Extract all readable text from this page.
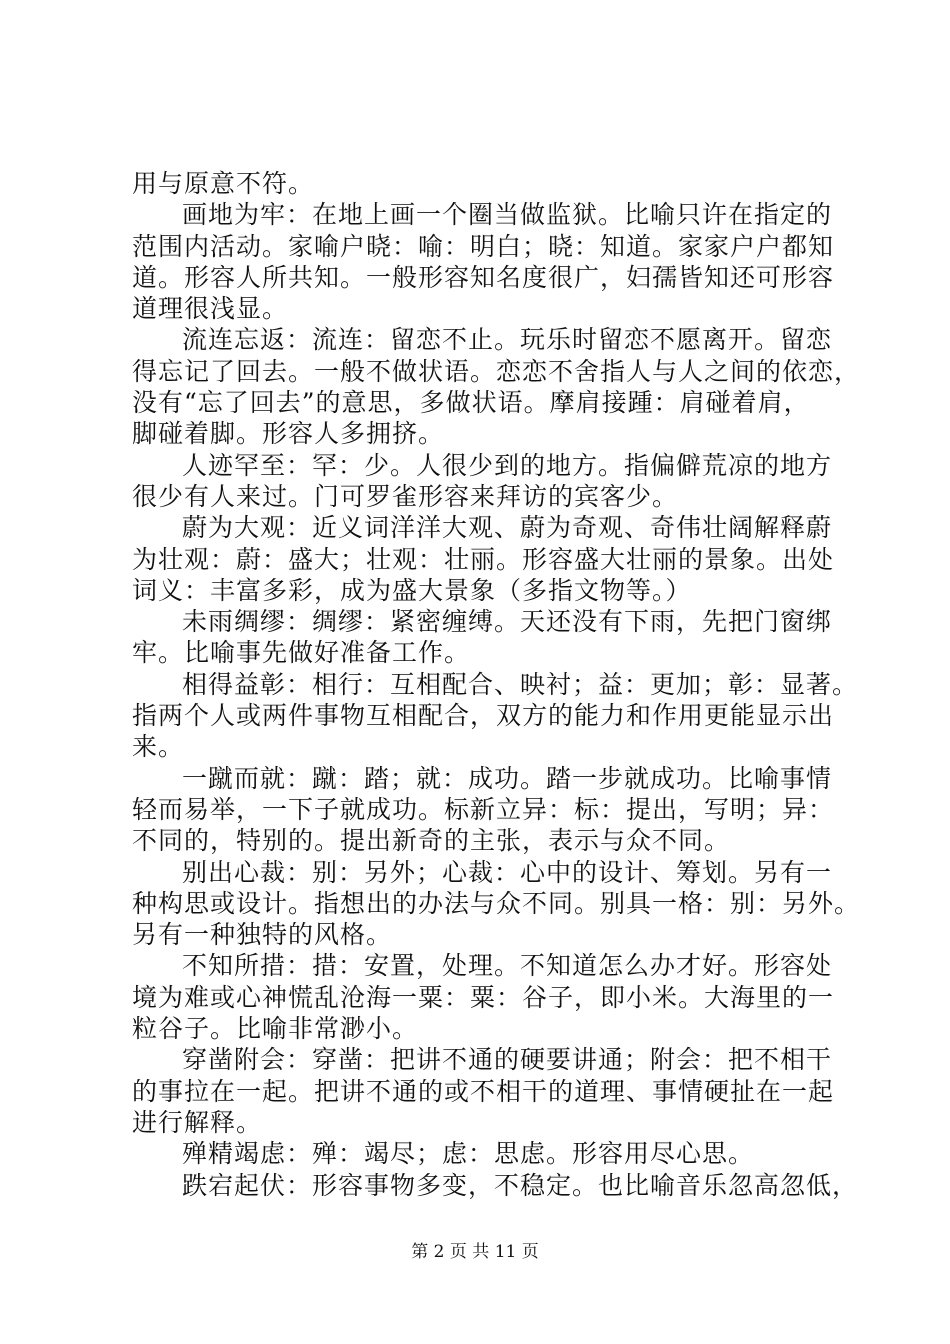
用与原意不符。
画地为牢：在地上画一个圈当做监狱。比喻只许在指定的
范围内活动。家喻户晓：喻：明白；晓：知道。家家户户都知
道。形容人所共知。一般形容知名度很广，妇孺皆知还可形容
道理很浅显。
流连忘返：流连：留恋不止。玩乐时留恋不愿离开。留恋
得忘记了回去。一般不做状语。恋恋不舍指人与人之间的依恋，
没有“忘了回去”的意思，多做状语。摩肩接踵：肩碰着肩，
脚碰着脚。形容人多拥挤。
人迹罕至：罕：少。人很少到的地方。指偏僻荒凉的地方
很少有人来过。门可罗雀形容来拜访的宾客少。
蔚为大观：近义词洋洋大观、蔚为奇观、奇伟壮阔解释蔚
为壮观：蔚：盛大；壮观：壮丽。形容盛大壮丽的景象。出处
词义：丰富多彩，成为盛大景象（多指文物等。）
未雨绸缪：绸缪：紧密缠缚。天还没有下雨，先把门窗绑
牢。比喻事先做好准备工作。
相得益彰：相行：互相配合、映衬；益：更加；彰：显著。
指两个人或两件事物互相配合，双方的能力和作用更能显示出
来。
一蹴而就：蹴：踏；就：成功。踏一步就成功。比喻事情
轻而易举，一下子就成功。标新立异：标：提出，写明；异：
不同的，特别的。提出新奇的主张，表示与众不同。
别出心裁：别：另外；心裁：心中的设计、筹划。另有一
种构思或设计。指想出的办法与众不同。别具一格：别：另外。
另有一种独特的风格。
不知所措：措：安置，处理。不知道怎么办才好。形容处
境为难或心神慌乱沧海一粟：粟：谷子，即小米。大海里的一
粒谷子。比喻非常渺小。
穿凿附会：穿凿：把讲不通的硬要讲通；附会：把不相干
的事拉在一起。把讲不通的或不相干的道理、事情硬扯在一起
进行解释。
殚精竭虑：殚：竭尽；虑：思虑。形容用尽心思。
跌宕起伏：形容事物多变，不稳定。也比喻音乐忽高忽低，
第 2 页 共 11 页
